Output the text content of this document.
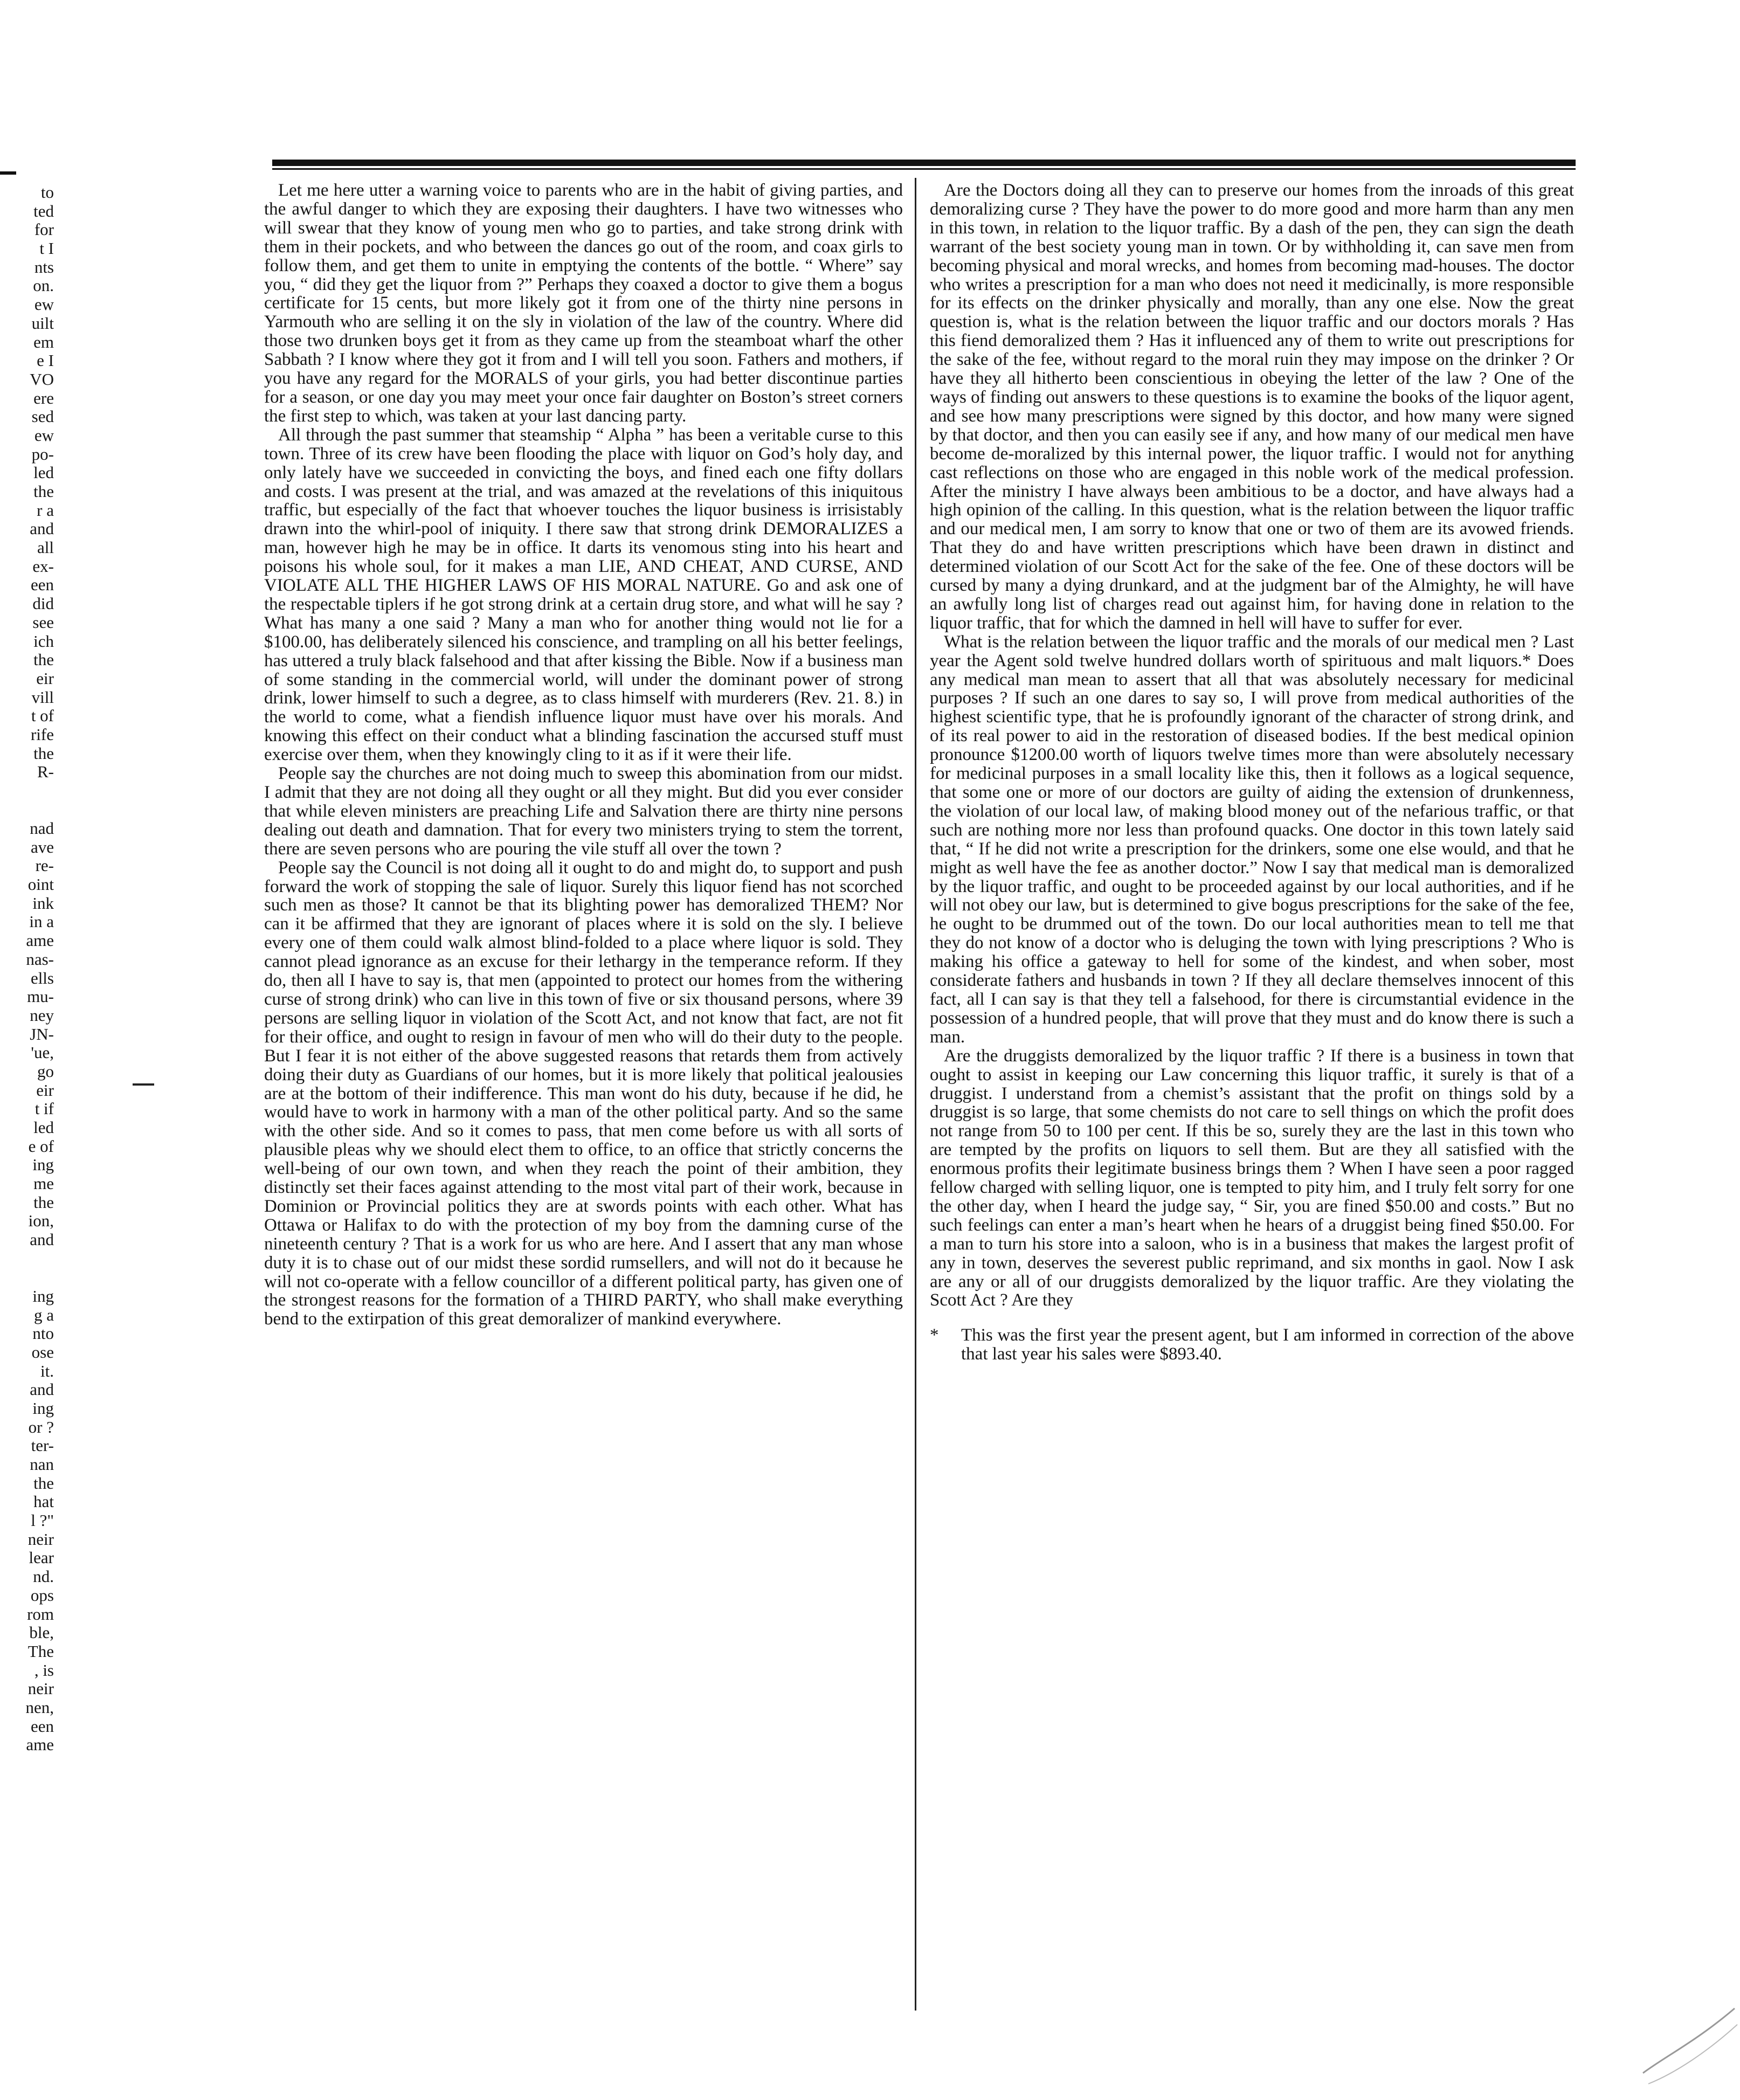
to
ted
for
t I
nts
on.
ew
uilt
em
e I
VO
ere
sed
ew
po-
led
the
r a
and
all
ex-
een
did
see
ich
the
eir
vill
t of
rife
the
R-
nad
ave
re-
oint
ink
in a
ame
nas-
ells
mu-
ney
JN-
'ue,
go
eir
t if
led
e of
ing
me
the
ion,
and
ing
g a
nto
ose
it.
and
ing
or ?
ter-
nan
the
hat
l ?"
neir
lear
nd.
ops
rom
ble,
The
, is
neir
nen,
een
ame

Let me here utter a warning voice to parents who are in the habit of giving parties, and the awful danger to which they are exposing their daughters. I have two witnesses who will swear that they know of young men who go to parties, and take strong drink with them in their pockets, and who between the dances go out of the room, and coax girls to follow them, and get them to unite in emptying the contents of the bottle. “ Where” say you, “ did they get the liquor from ?” Perhaps they coaxed a doctor to give them a bogus certificate for 15 cents, but more likely got it from one of the thirty nine persons in Yarmouth who are selling it on the sly in violation of the law of the country. Where did those two drunken boys get it from as they came up from the steamboat wharf the other Sabbath ? I know where they got it from and I will tell you soon. Fathers and mothers, if you have any regard for the MORALS of your girls, you had better discontinue parties for a season, or one day you may meet your once fair daughter on Boston’s street corners the first step to which, was taken at your last dancing party.

All through the past summer that steamship “ Alpha ” has been a veritable curse to this town. Three of its crew have been flooding the place with liquor on God’s holy day, and only lately have we succeeded in convicting the boys, and fined each one fifty dollars and costs. I was present at the trial, and was amazed at the revelations of this iniquitous traffic, but especially of the fact that whoever touches the liquor business is irrisistably drawn into the whirl-pool of iniquity. I there saw that strong drink DEMORALIZES a man, however high he may be in office. It darts its venomous sting into his heart and poisons his whole soul, for it makes a man LIE, AND CHEAT, AND CURSE, AND VIOLATE ALL THE HIGHER LAWS OF HIS MORAL NATURE. Go and ask one of the respectable tiplers if he got strong drink at a certain drug store, and what will he say ? What has many a one said ? Many a man who for another thing would not lie for a $100.00, has deliberately silenced his conscience, and trampling on all his better feelings, has uttered a truly black falsehood and that after kissing the Bible. Now if a business man of some standing in the commercial world, will under the dominant power of strong drink, lower himself to such a degree, as to class himself with murderers (Rev. 21. 8.) in the world to come, what a fiendish influence liquor must have over his morals. And knowing this effect on their conduct what a blinding fascination the accursed stuff must exercise over them, when they knowingly cling to it as if it were their life.

People say the churches are not doing much to sweep this abomination from our midst. I admit that they are not doing all they ought or all they might. But did you ever consider that while eleven ministers are preaching Life and Salvation there are thirty nine persons dealing out death and damnation. That for every two ministers trying to stem the torrent, there are seven persons who are pouring the vile stuff all over the town ?

People say the Council is not doing all it ought to do and might do, to support and push forward the work of stopping the sale of liquor. Surely this liquor fiend has not scorched such men as those? It cannot be that its blighting power has demoralized THEM? Nor can it be affirmed that they are ignorant of places where it is sold on the sly. I believe every one of them could walk almost blind-folded to a place where liquor is sold. They cannot plead ignorance as an excuse for their lethargy in the temperance reform. If they do, then all I have to say is, that men (appointed to protect our homes from the withering curse of strong drink) who can live in this town of five or six thousand persons, where 39 persons are selling liquor in violation of the Scott Act, and not know that fact, are not fit for their office, and ought to resign in favour of men who will do their duty to the people. But I fear it is not either of the above suggested reasons that retards them from actively doing their duty as Guardians of our homes, but it is more likely that political jealousies are at the bottom of their indifference. This man wont do his duty, because if he did, he would have to work in harmony with a man of the other political party. And so the same with the other side. And so it comes to pass, that men come before us with all sorts of plausible pleas why we should elect them to office, to an office that strictly concerns the well-being of our own town, and when they reach the point of their ambition, they distinctly set their faces against attending to the most vital part of their work, because in Dominion or Provincial politics they are at swords points with each other. What has Ottawa or Halifax to do with the protection of my boy from the damning curse of the nineteenth century ? That is a work for us who are here. And I assert that any man whose duty it is to chase out of our midst these sordid rumsellers, and will not do it because he will not co-operate with a fellow councillor of a different political party, has given one of the strongest reasons for the formation of a THIRD PARTY, who shall make everything bend to the extirpation of this great demoralizer of mankind everywhere.

Are the Doctors doing all they can to preserve our homes from the inroads of this great demoralizing curse ? They have the power to do more good and more harm than any men in this town, in relation to the liquor traffic. By a dash of the pen, they can sign the death warrant of the best society young man in town. Or by withholding it, can save men from becoming physical and moral wrecks, and homes from becoming mad-houses. The doctor who writes a prescription for a man who does not need it medicinally, is more responsible for its effects on the drinker physically and morally, than any one else. Now the great question is, what is the relation between the liquor traffic and our doctors morals ? Has this fiend demoralized them ? Has it influenced any of them to write out prescriptions for the sake of the fee, without regard to the moral ruin they may impose on the drinker ? Or have they all hitherto been conscientious in obeying the letter of the law ? One of the ways of finding out answers to these questions is to examine the books of the liquor agent, and see how many prescriptions were signed by this doctor, and how many were signed by that doctor, and then you can easily see if any, and how many of our medical men have become de-moralized by this internal power, the liquor traffic. I would not for anything cast reflections on those who are engaged in this noble work of the medical profession. After the ministry I have always been ambitious to be a doctor, and have always had a high opinion of the calling. In this question, what is the relation between the liquor traffic and our medical men, I am sorry to know that one or two of them are its avowed friends. That they do and have written prescriptions which have been drawn in distinct and determined violation of our Scott Act for the sake of the fee. One of these doctors will be cursed by many a dying drunkard, and at the judgment bar of the Almighty, he will have an awfully long list of charges read out against him, for having done in relation to the liquor traffic, that for which the damned in hell will have to suffer for ever.

What is the relation between the liquor traffic and the morals of our medical men ? Last year the Agent sold twelve hundred dollars worth of spirituous and malt liquors.* Does any medical man mean to assert that all that was absolutely necessary for medicinal purposes ? If such an one dares to say so, I will prove from medical authorities of the highest scientific type, that he is profoundly ignorant of the character of strong drink, and of its real power to aid in the restoration of diseased bodies. If the best medical opinion pronounce $1200.00 worth of liquors twelve times more than were absolutely necessary for medicinal purposes in a small locality like this, then it follows as a logical sequence, that some one or more of our doctors are guilty of aiding the extension of drunkenness, the violation of our local law, of making blood money out of the nefarious traffic, or that such are nothing more nor less than profound quacks. One doctor in this town lately said that, “ If he did not write a prescription for the drinkers, some one else would, and that he might as well have the fee as another doctor.” Now I say that medical man is demoralized by the liquor traffic, and ought to be proceeded against by our local authorities, and if he will not obey our law, but is determined to give bogus prescriptions for the sake of the fee, he ought to be drummed out of the town. Do our local authorities mean to tell me that they do not know of a doctor who is deluging the town with lying prescriptions ? Who is making his office a gateway to hell for some of the kindest, and when sober, most considerate fathers and husbands in town ? If they all declare themselves innocent of this fact, all I can say is that they tell a falsehood, for there is circumstantial evidence in the possession of a hundred people, that will prove that they must and do know there is such a man.

Are the druggists demoralized by the liquor traffic ? If there is a business in town that ought to assist in keeping our Law concerning this liquor traffic, it surely is that of a druggist. I understand from a chemist’s assistant that the profit on things sold by a druggist is so large, that some chemists do not care to sell things on which the profit does not range from 50 to 100 per cent. If this be so, surely they are the last in this town who are tempted by the profits on liquors to sell them. But are they all satisfied with the enormous profits their legitimate business brings them ? When I have seen a poor ragged fellow charged with selling liquor, one is tempted to pity him, and I truly felt sorry for one the other day, when I heard the judge say, “ Sir, you are fined $50.00 and costs.” But no such feelings can enter a man’s heart when he hears of a druggist being fined $50.00. For a man to turn his store into a saloon, who is in a business that makes the largest profit of any in town, deserves the severest public reprimand, and six months in gaol. Now I ask are any or all of our druggists demoralized by the liquor traffic. Are they violating the Scott Act ? Are they

* This was the first year the present agent, but I am informed in correction of the above that last year his sales were $893.40.
